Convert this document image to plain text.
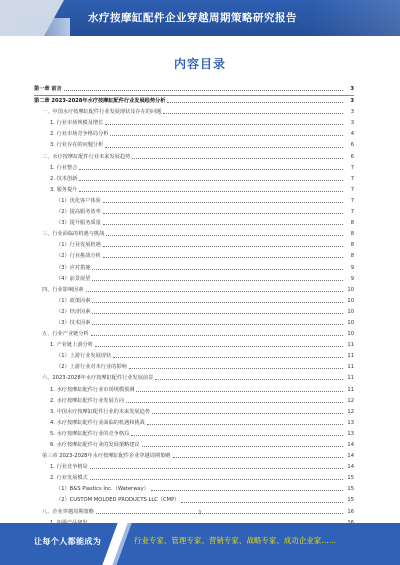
水疗按摩缸配件企业穿越周期策略研究报告
内容目录
第一章 前言	3
第二章 2023-2028年水疗按摩缸配件行业发展趋势分析	3
一、中国水疗按摩缸配件行业发展现状及存在的问题	3
1. 行业市场规模及增长	3
2. 行业市场竞争格局分析	4
3. 行业存在的问题分析	6
二、水疗按摩缸配件行业未来发展趋势	6
1. 行业整合	7
2. 技术创新	7
3. 服务提升	7
（1）优化客户体验	7
（2）提高服务效率	7
（3）提升服务质量	8
三、行业面临的机遇与挑战	8
（1）行业发展机遇	8
（2）行业挑战分析	8
（3）应对措施	9
（4）前景展望	9
四、行业影响因素	10
（1）政策因素	10
（2）经济因素	10
（3）技术因素	10
五、行业产业链分析	10
1. 产业链上游分析	11
（1）上游行业发展现状	11
（2）上游行业对本行业的影响	11
六、2023-2028年水疗按摩缸配件行业发展前景	11
1. 水疗按摩缸配件行业市场规模预测	11
2. 水疗按摩缸配件行业发展方向	12
3. 中国水疗按摩缸配件行业的未来发展趋势	12
4. 水疗按摩缸配件行业面临的机遇和挑战	13
5. 水疗按摩缸配件行业的竞争格局	13
6. 水疗按摩缸配件行业的发展策略建议	14
第三章 2023-2028年水疗按摩缸配件企业穿越周期策略	14
1. 行业竞争格局	14
2. 行业发展模式	15
（1）B&S Plastics Inc.（Waterway）	15
（2）CUSTOM MOLDED PRODUCTS LLC（CMP）	15
八、企业穿越周期策略	16
1
让每个人都能成为	行业专家、管理专家、营销专家、战略专家、成功企业家……
